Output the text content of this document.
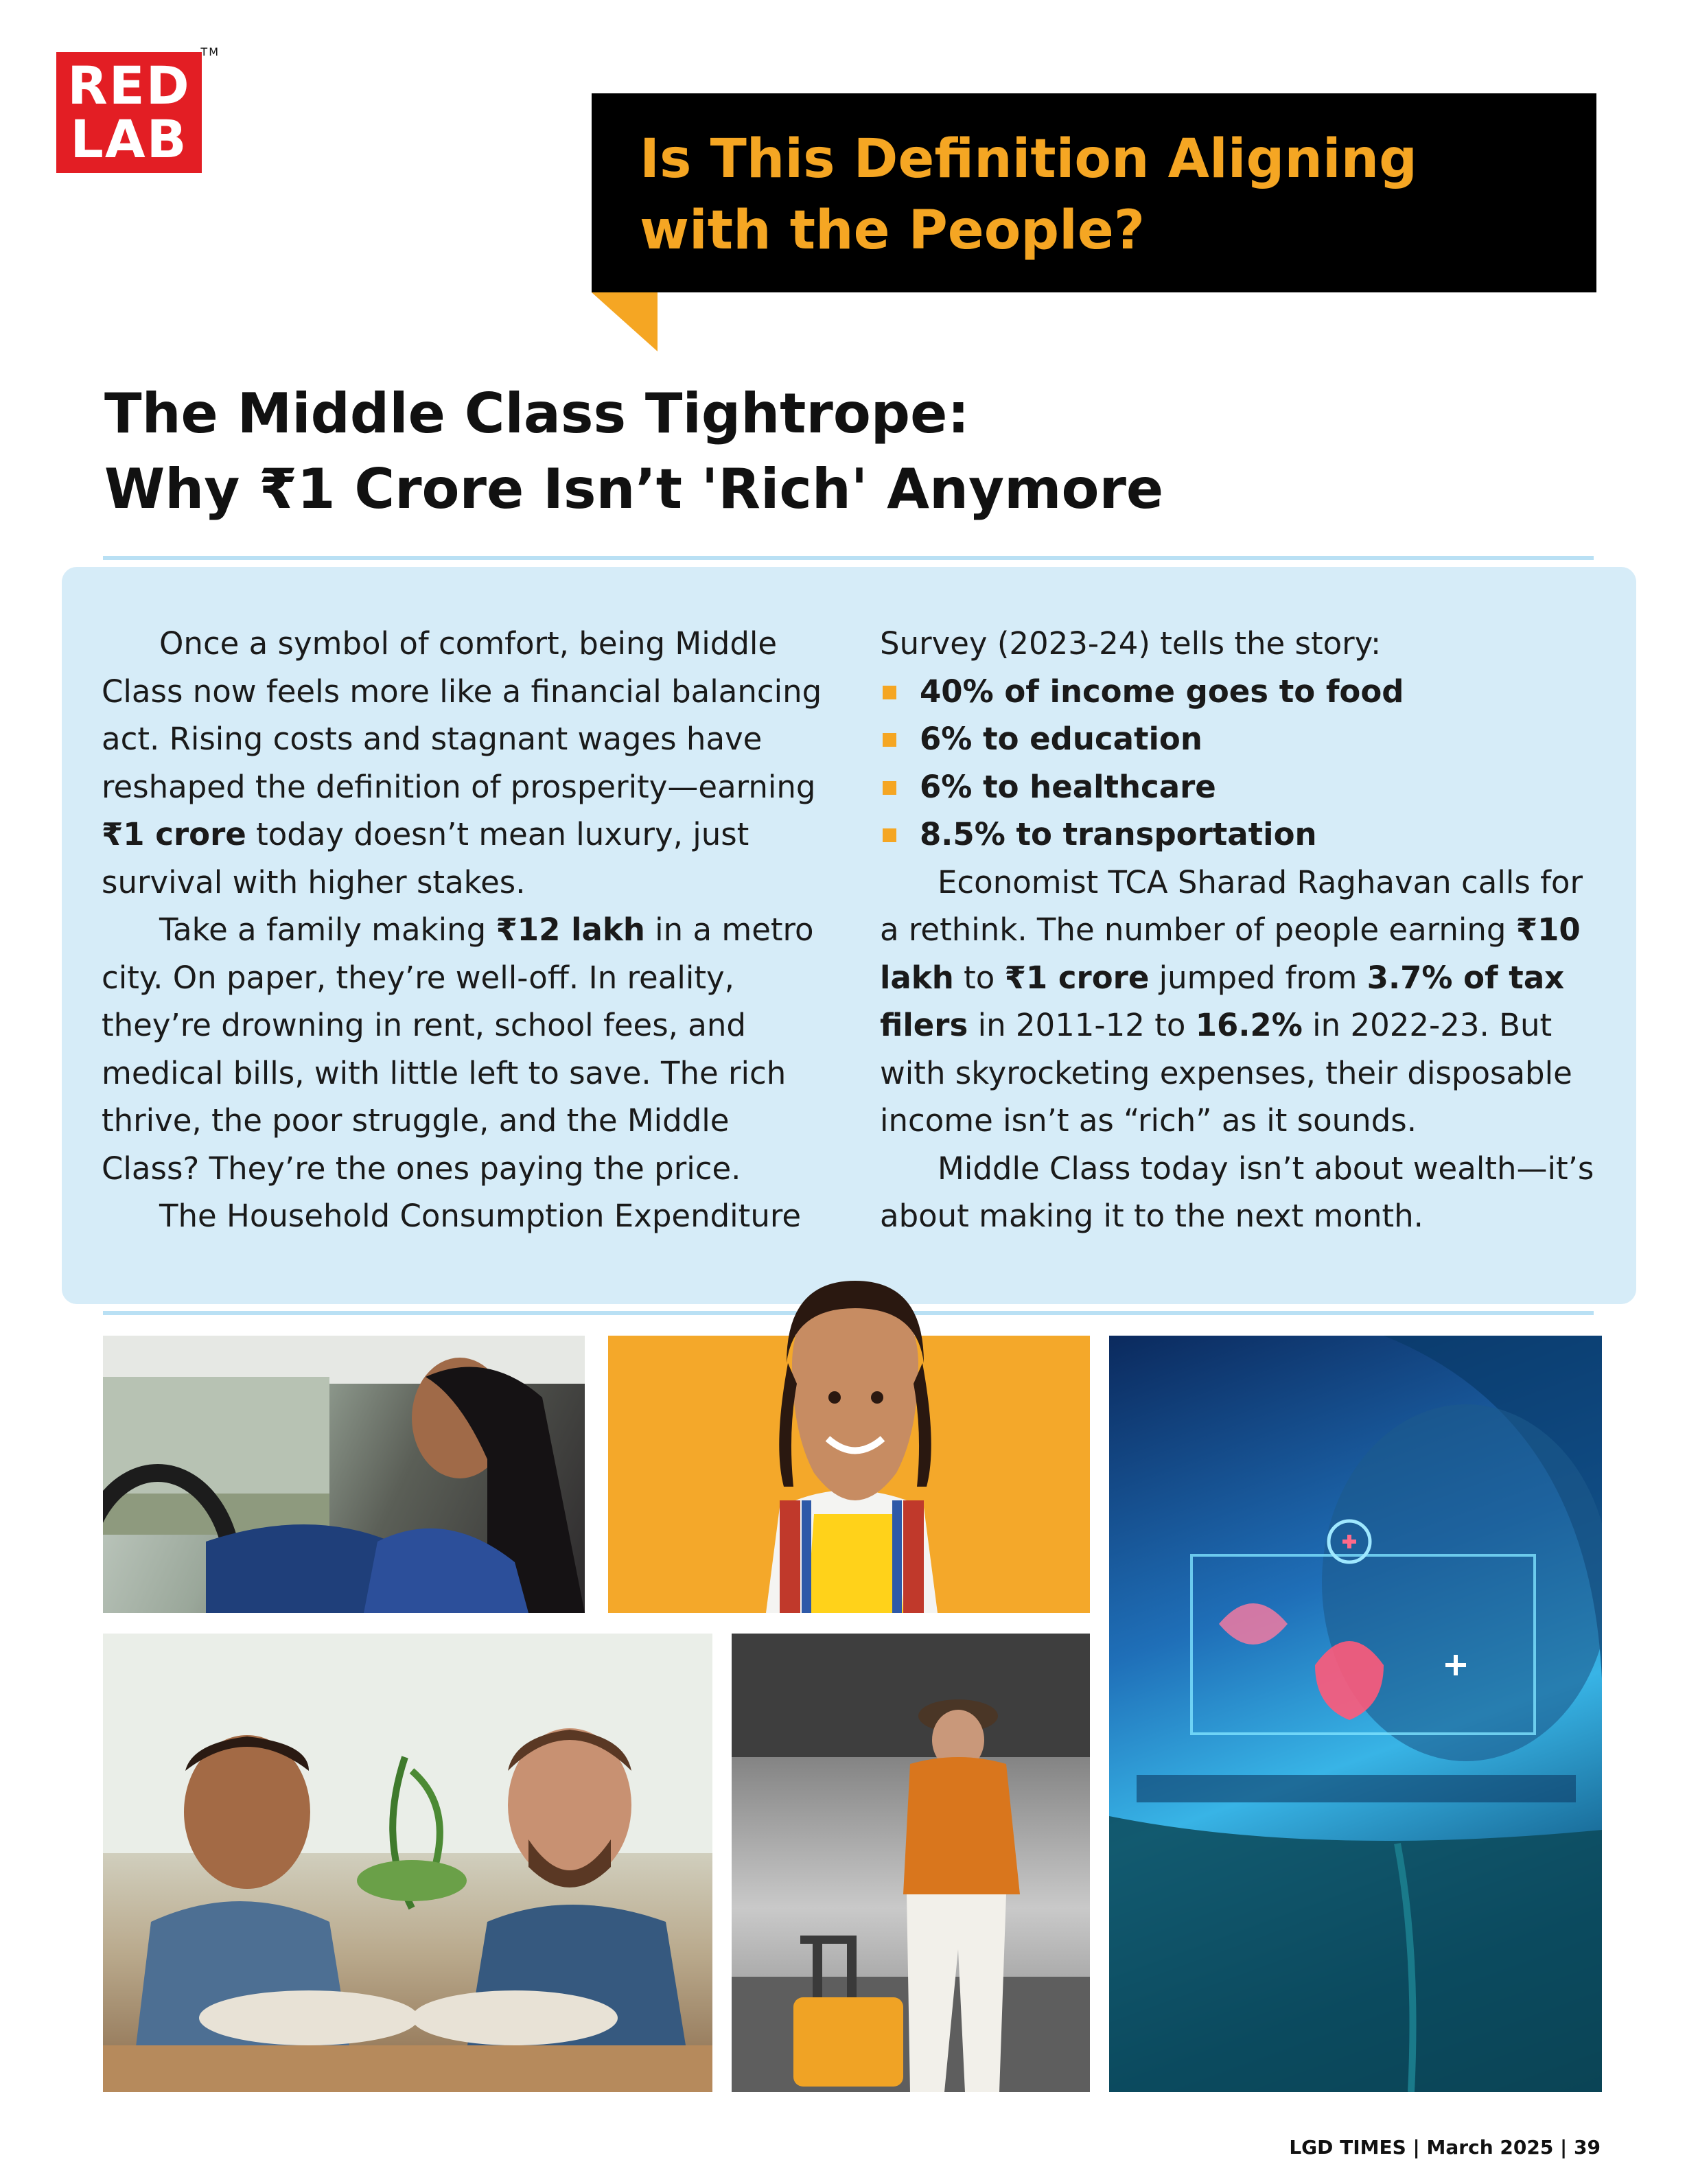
RED
LAB
TM
Is This Definition Aligning with the People?
The Middle Class Tightrope:
Why ₹1 Crore Isn’t 'Rich' Anymore

Once a symbol of comfort, being Middle Class now feels more like a financial balancing act. Rising costs and stagnant wages have reshaped the definition of prosperity—earning ₹1 crore today doesn’t mean luxury, just survival with higher stakes.

Take a family making ₹12 lakh in a metro city. On paper, they’re well-off. In reality, they’re drowning in rent, school fees, and medical bills, with little left to save. The rich thrive, the poor struggle, and the Middle Class? They’re the ones paying the price.

The Household Consumption Expenditure

Survey (2023-24) tells the story:

40% of income goes to food
6% to education
6% to healthcare
8.5% to transportation

Economist TCA Sharad Raghavan calls for a rethink. The number of people earning ₹10 lakh to ₹1 crore jumped from 3.7% of tax filers in 2011-12 to 16.2% in 2022-23. But with skyrocketing expenses, their disposable income isn’t as “rich” as it sounds.

Middle Class today isn’t about wealth—it’s about making it to the next month.

LGD TIMES | March 2025 | 39
